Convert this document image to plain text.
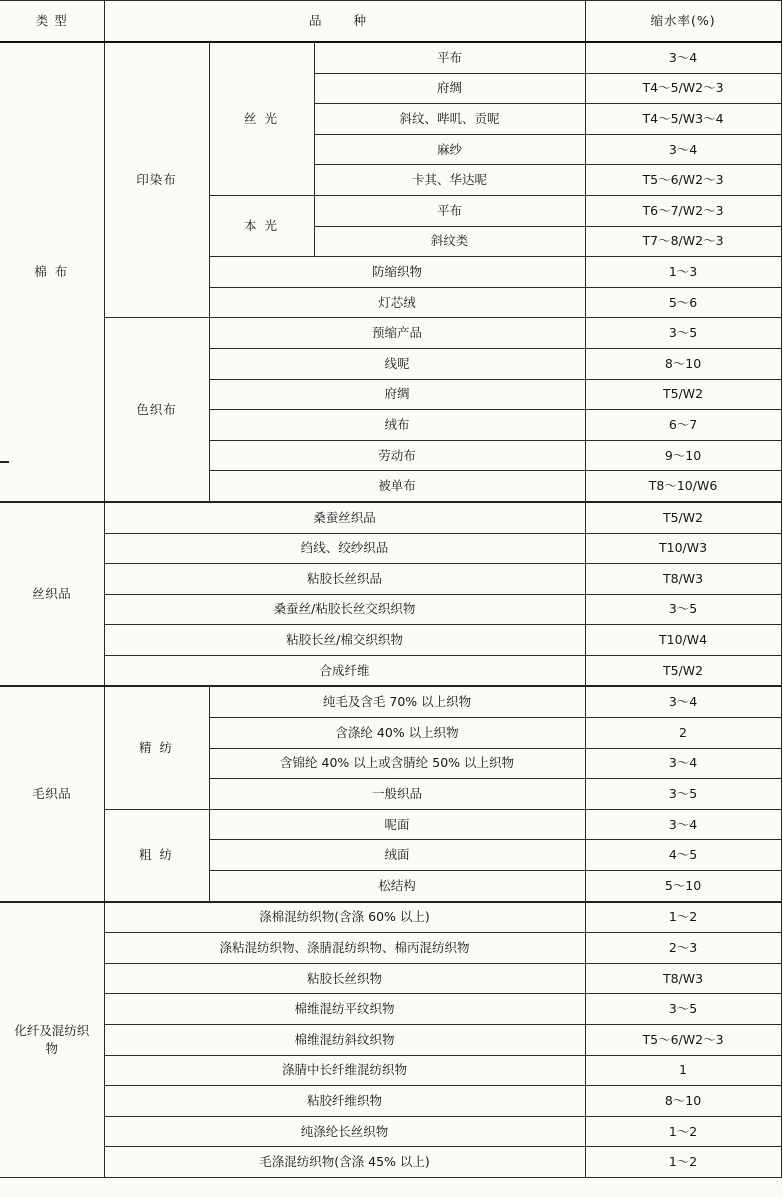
类 型	品 种			缩水率(%)
棉 布	印染布	丝 光	平布	3～4
			府绸	T4～5/W2～3
			斜纹、哔叽、贡呢	T4～5/W3～4
			麻纱	3～4
			卡其、华达呢	T5～6/W2～3
		本 光	平布	T6～7/W2～3
			斜纹类	T7～8/W2～3
		防缩织物		1～3
		灯芯绒		5～6
	色织布	预缩产品		3～5
		线呢		8～10
		府绸		T5/W2
		绒布		6～7
		劳动布		9～10
		被单布		T8～10/W6
丝织品	桑蚕丝织品			T5/W2
	绉线、绞纱织品			T10/W3
	粘胶长丝织品			T8/W3
	桑蚕丝/粘胶长丝交织织物			3～5
	粘胶长丝/棉交织织物			T10/W4
	合成纤维			T5/W2
毛织品	精 纺	纯毛及含毛 70% 以上织物		3～4
		含涤纶 40% 以上织物		2
		含锦纶 40% 以上或含腈纶 50% 以上织物		3～4
		一般织品		3～5
	粗 纺	呢面		3～4
		绒面		4～5
		松结构		5～10
化纤及混纺织物	涤棉混纺织物(含涤 60% 以上)			1～2
	涤粘混纺织物、涤腈混纺织物、棉丙混纺织物			2～3
	粘胶长丝织物			T8/W3
	棉维混纺平纹织物			3～5
	棉维混纺斜纹织物			T5～6/W2～3
	涤腈中长纤维混纺织物			1
	粘胶纤维织物			8～10
	纯涤纶长丝织物			1～2
	毛涤混纺织物(含涤 45% 以上)			1～2
